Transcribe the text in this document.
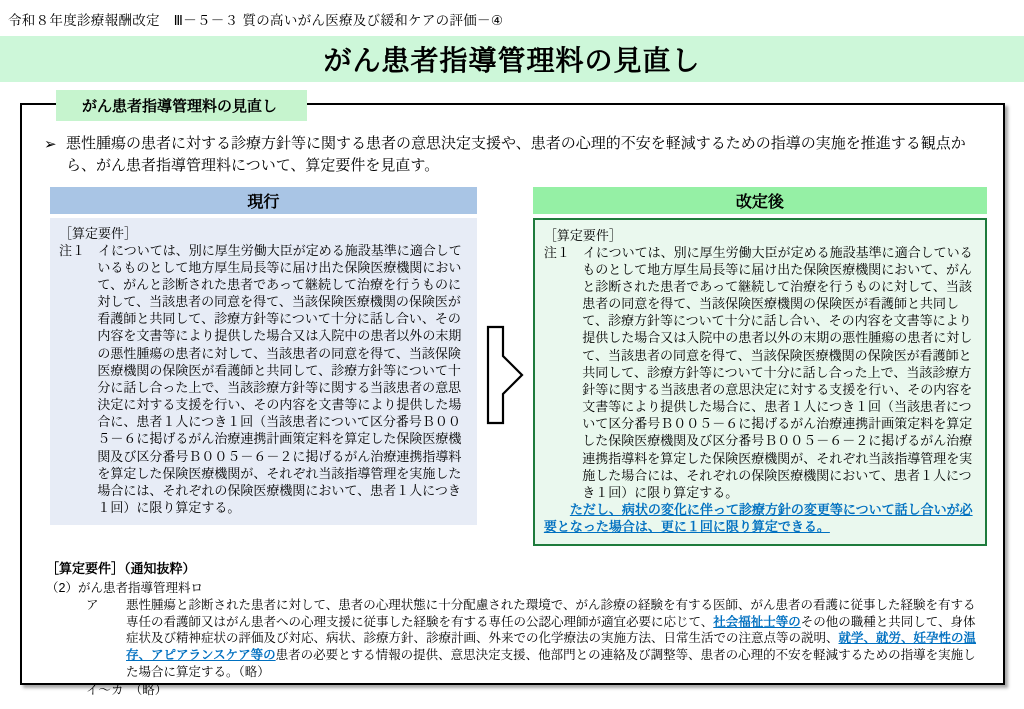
令和８年度診療報酬改定　Ⅲ－５－３ 質の高いがん医療及び緩和ケアの評価－④
がん患者指導管理料の見直し
がん患者指導管理料の見直し
➢ 悪性腫瘍の患者に対する診療方針等に関する患者の意思決定支援や、患者の心理的不安を軽減するための指導の実施を推進する観点から、がん患者指導管理料について、算定要件を見直す。
現行
［算定要件］
注１ イについては、別に厚生労働大臣が定める施設基準に適合しているものとして地方厚生局長等に届け出た保険医療機関において、がんと診断された患者であって継続して治療を行うものに対して、当該患者の同意を得て、当該保険医療機関の保険医が看護師と共同して、診療方針等について十分に話し合い、その内容を文書等により提供した場合又は入院中の患者以外の末期の悪性腫瘍の患者に対して、当該患者の同意を得て、当該保険医療機関の保険医が看護師と共同して、診療方針等について十分に話し合った上で、当該診療方針等に関する当該患者の意思決定に対する支援を行い、その内容を文書等により提供した場合に、患者１人につき１回（当該患者について区分番号Ｂ００５－６に掲げるがん治療連携計画策定料を算定した保険医療機関及び区分番号Ｂ００５－６－２に掲げるがん治療連携指導料を算定した保険医療機関が、それぞれ当該指導管理を実施した場合には、それぞれの保険医療機関において、患者１人につき１回）に限り算定する。
改定後
［算定要件］
注１ イについては、別に厚生労働大臣が定める施設基準に適合しているものとして地方厚生局長等に届け出た保険医療機関において、がんと診断された患者であって継続して治療を行うものに対して、当該患者の同意を得て、当該保険医療機関の保険医が看護師と共同して、診療方針等について十分に話し合い、その内容を文書等により提供した場合又は入院中の患者以外の末期の悪性腫瘍の患者に対して、当該患者の同意を得て、当該保険医療機関の保険医が看護師と共同して、診療方針等について十分に話し合った上で、当該診療方針等に関する当該患者の意思決定に対する支援を行い、その内容を文書等により提供した場合に、患者１人につき１回（当該患者について区分番号Ｂ００５－６に掲げるがん治療連携計画策定料を算定した保険医療機関及び区分番号Ｂ００５－６－２に掲げるがん治療連携指導料を算定した保険医療機関が、それぞれ当該指導管理を実施した場合には、それぞれの保険医療機関において、患者１人につき１回）に限り算定する。
ただし、病状の変化に伴って診療方針の変更等について話し合いが必要となった場合は、更に１回に限り算定できる。
［算定要件］（通知抜粋）
（2）がん患者指導管理料ロ
ア	悪性腫瘍と診断された患者に対して、患者の心理状態に十分配慮された環境で、がん診療の経験を有する医師、がん患者の看護に従事した経験を有する専任の看護師又はがん患者への心理支援に従事した経験を有する専任の公認心理師が適宜必要に応じて、社会福祉士等のその他の職種と共同して、身体症状及び精神症状の評価及び対応、病状、診療方針、診療計画、外来での化学療法の実施方法、日常生活での注意点等の説明、就学、就労、妊孕性の温存、アピアランスケア等の患者の必要とする情報の提供、意思決定支援、他部門との連絡及び調整等、患者の心理的不安を軽減するための指導を実施した場合に算定する。（略）
イ～カ　（略）
